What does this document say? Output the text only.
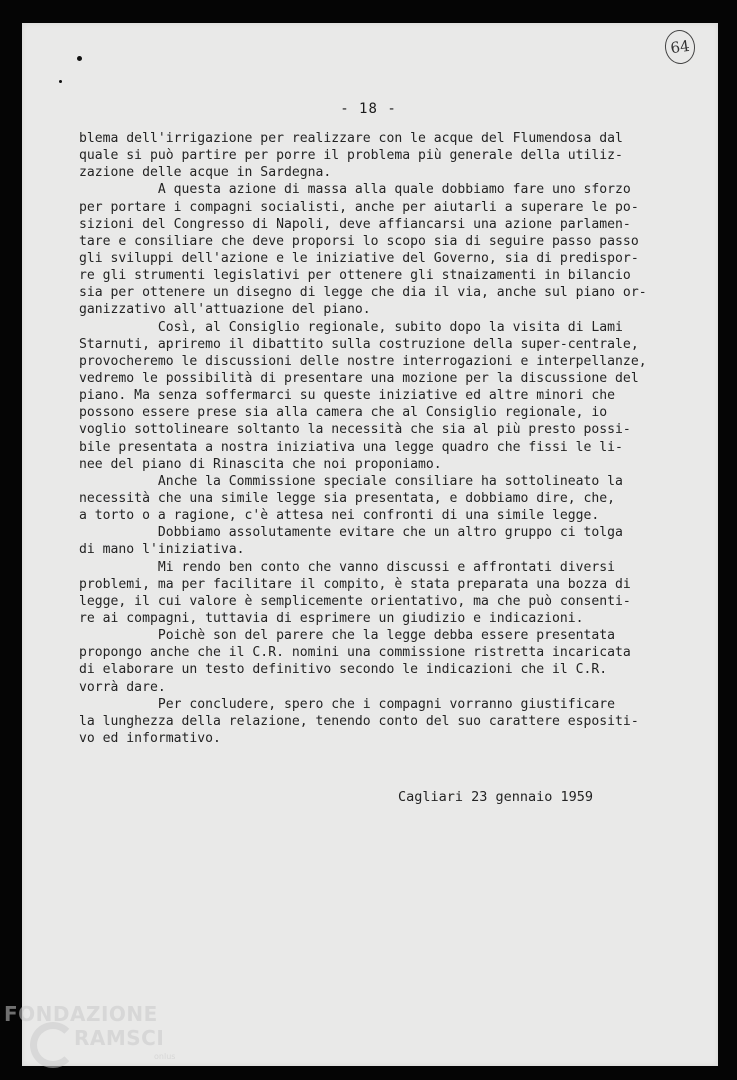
64
- 18 -
blema dell'irrigazione per realizzare con le acque del Flumendosa dal
quale si può partire per porre il problema più generale della utiliz-
zazione delle acque in Sardegna.
A questa azione di massa alla quale dobbiamo fare uno sforzo
per portare i compagni socialisti, anche per aiutarli a superare le po-
sizioni del Congresso di Napoli, deve affiancarsi una azione parlamen-
tare e consiliare che deve proporsi lo scopo sia di seguire passo passo
gli sviluppi dell'azione e le iniziative del Governo, sia di predispor-
re gli strumenti legislativi per ottenere gli stnaizamenti in bilancio
sia per ottenere un disegno di legge che dia il via, anche sul piano or-
ganizzativo all'attuazione del piano.
Così, al Consiglio regionale, subito dopo la visita di Lami
Starnuti, apriremo il dibattito sulla costruzione della super-centrale,
provocheremo le discussioni delle nostre interrogazioni e interpellanze,
vedremo le possibilità di presentare una mozione per la discussione del
piano. Ma senza soffermarci su queste iniziative ed altre minori che
possono essere prese sia alla camera che al Consiglio regionale, io
voglio sottolineare soltanto la necessità che sia al più presto possi-
bile presentata a nostra iniziativa una legge quadro che fissi le li-
nee del piano di Rinascita che noi proponiamo.
Anche la Commissione speciale consiliare ha sottolineato la
necessità che una simile legge sia presentata, e dobbiamo dire, che,
a torto o a ragione, c'è attesa nei confronti di una simile legge.
Dobbiamo assolutamente evitare che un altro gruppo ci tolga
di mano l'iniziativa.
Mi rendo ben conto che vanno discussi e affrontati diversi
problemi, ma per facilitare il compito, è stata preparata una bozza di
legge, il cui valore è semplicemente orientativo, ma che può consenti-
re ai compagni, tuttavia di esprimere un giudizio e indicazioni.
Poichè son del parere che la legge debba essere presentata
propongo anche che il C.R. nomini una commissione ristretta incaricata
di elaborare un testo definitivo secondo le indicazioni che il C.R.
vorrà dare.
Per concludere, spero che i compagni vorranno giustificare
la lunghezza della relazione, tenendo conto del suo carattere espositi-
vo ed informativo.
Cagliari 23 gennaio 1959
FONDAZIONE
RAMSCI
onlus
